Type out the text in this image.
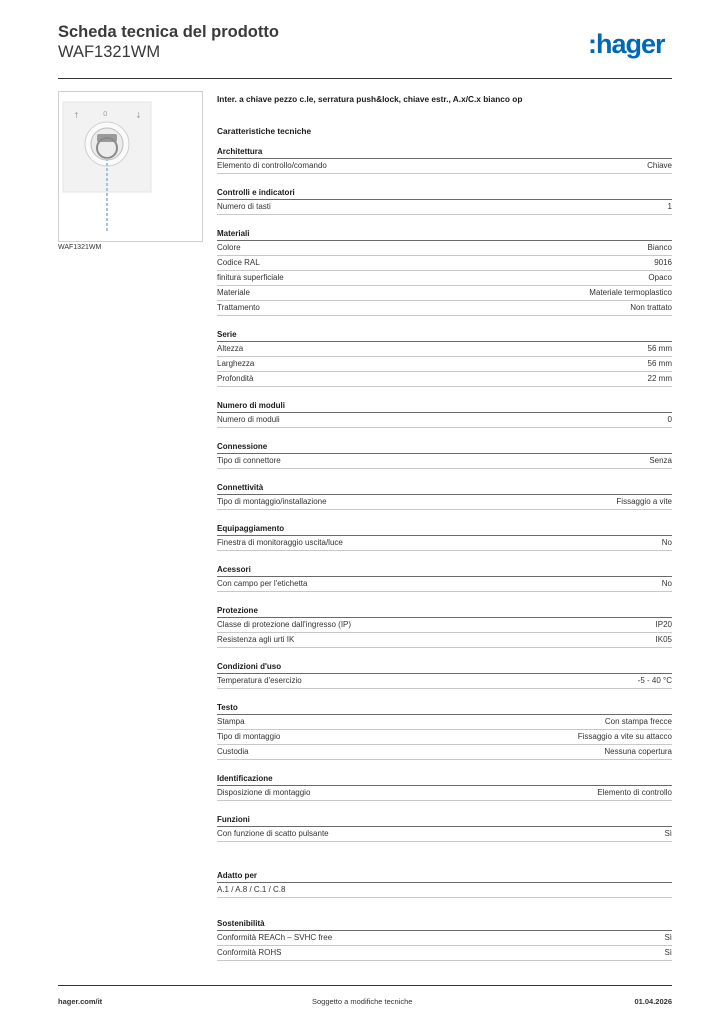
Scheda tecnica del prodotto
WAF1321WM	:hager
↑	0	↓
WAF1321WM
Inter. a chiave pezzo c.le, serratura push&lock, chiave estr., A.x/C.x bianco op
Caratteristiche tecniche
Architettura
Elemento di controllo/comando	Chiave
Controlli e indicatori
Numero di tasti	1
Materiali
Colore	Bianco
Codice RAL	9016
finitura superficiale	Opaco
Materiale	Materiale termoplastico
Trattamento	Non trattato
Serie
Altezza	56 mm
Larghezza	56 mm
Profondità	22 mm
Numero di moduli
Numero di moduli	0
Connessione
Tipo di connettore	Senza
Connettività
Tipo di montaggio/installazione	Fissaggio a vite
Equipaggiamento
Finestra di monitoraggio uscita/luce	No
Acessori
Con campo per l'etichetta	No
Protezione
Classe di protezione dall'ingresso (IP)	IP20
Resistenza agli urti IK	IK05
Condizioni d'uso
Temperatura d'esercizio	-5 - 40 °C
Testo
Stampa	Con stampa frecce
Tipo di montaggio	Fissaggio a vite su attacco
Custodia	Nessuna copertura
Identificazione
Disposizione di montaggio	Elemento di controllo
Funzioni
Con funzione di scatto pulsante	Sì
Adatto per
A.1 / A.8 / C.1 / C.8
Sostenibilità
Conformità REACh – SVHC free	Sì
Conformità ROHS	Sì
hager.com/it	Soggetto a modifiche tecniche	01.04.2026
